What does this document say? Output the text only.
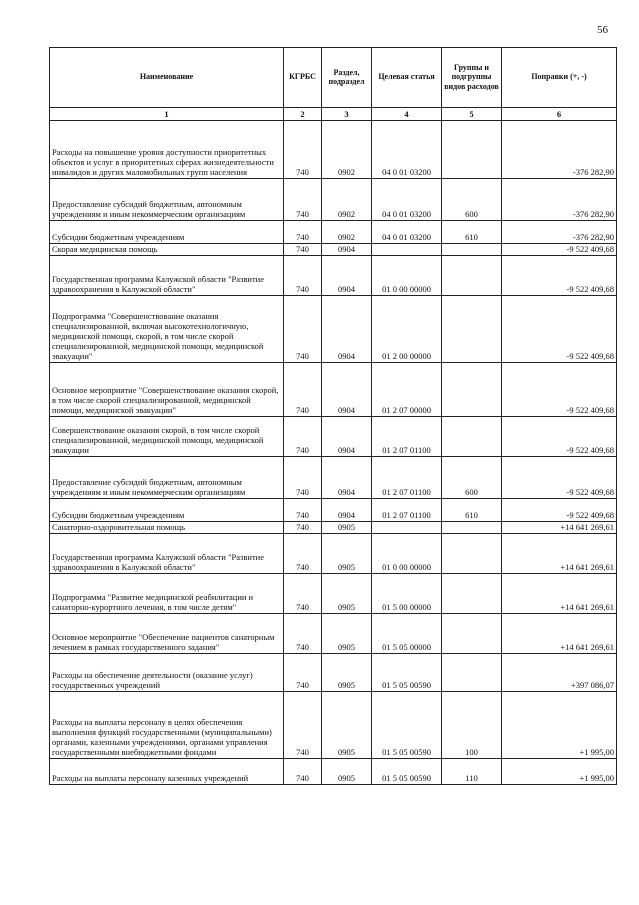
56
Наименование	КГРБС	Раздел, подраздел	Целевая статья	Группы и подгруппы видов расходов	Поправки (+, -)
1	2	3	4	5	6
Расходы на повышение уровня доступности приоритетных объектов и услуг в приоритетных сферах жизнедеятельности инвалидов и других маломобильных групп населения	740	0902	04 0 01 03200		-376 282,90
Предоставление субсидий бюджетным, автономным учреждениям и иным некоммерческим организациям	740	0902	04 0 01 03200	600	-376 282,90
Субсидии бюджетным учреждениям	740	0902	04 0 01 03200	610	-376 282,90
Скорая медицинская помощь	740	0904			-9 522 409,68
Государственная программа Калужской области "Развитие здравоохранения в Калужской области"	740	0904	01 0 00 00000		-9 522 409,68
Подпрограмма "Совершенствование оказания специализированной, включая высокотехнологичную, медицинской помощи, скорой, в том числе скорой специализированной, медицинской помощи, медицинской эвакуации"	740	0904	01 2 00 00000		-9 522 409,68
Основное мероприятие "Совершенствование оказания скорой, в том числе скорой специализированной, медицинской помощи, медицинской эвакуации"	740	0904	01 2 07 00000		-9 522 409,68
Совершенствование оказания скорой, в том числе скорой специализированной, медицинской помощи, медицинской эвакуации	740	0904	01 2 07 01100		-9 522 409,68
Предоставление субсидий бюджетным, автономным учреждениям и иным некоммерческим организациям	740	0904	01 2 07 01100	600	-9 522 409,68
Субсидии бюджетным учреждениям	740	0904	01 2 07 01100	610	-9 522 409,68
Санаторно-оздоровительная помощь	740	0905			+14 641 269,61
Государственная программа Калужской области "Развитие здравоохранения в Калужской области"	740	0905	01 0 00 00000		+14 641 269,61
Подпрограмма "Развитие медицинской реабилитации и санаторно-курортного лечения, в том числе детям"	740	0905	01 5 00 00000		+14 641 269,61
Основное мероприятие "Обеспечение пациентов санаторным лечением в рамках государственного задания"	740	0905	01 5 05 00000		+14 641 269,61
Расходы на обеспечение деятельности (оказание услуг) государственных учреждений	740	0905	01 5 05 00590		+397 086,07
Расходы на выплаты персоналу в целях обеспечения выполнения функций государственными (муниципальными) органами, казенными учреждениями, органами управления государственными внебюджетными фондами	740	0905	01 5 05 00590	100	+1 995,00
Расходы на выплаты персоналу казенных учреждений	740	0905	01 5 05 00590	110	+1 995,00
